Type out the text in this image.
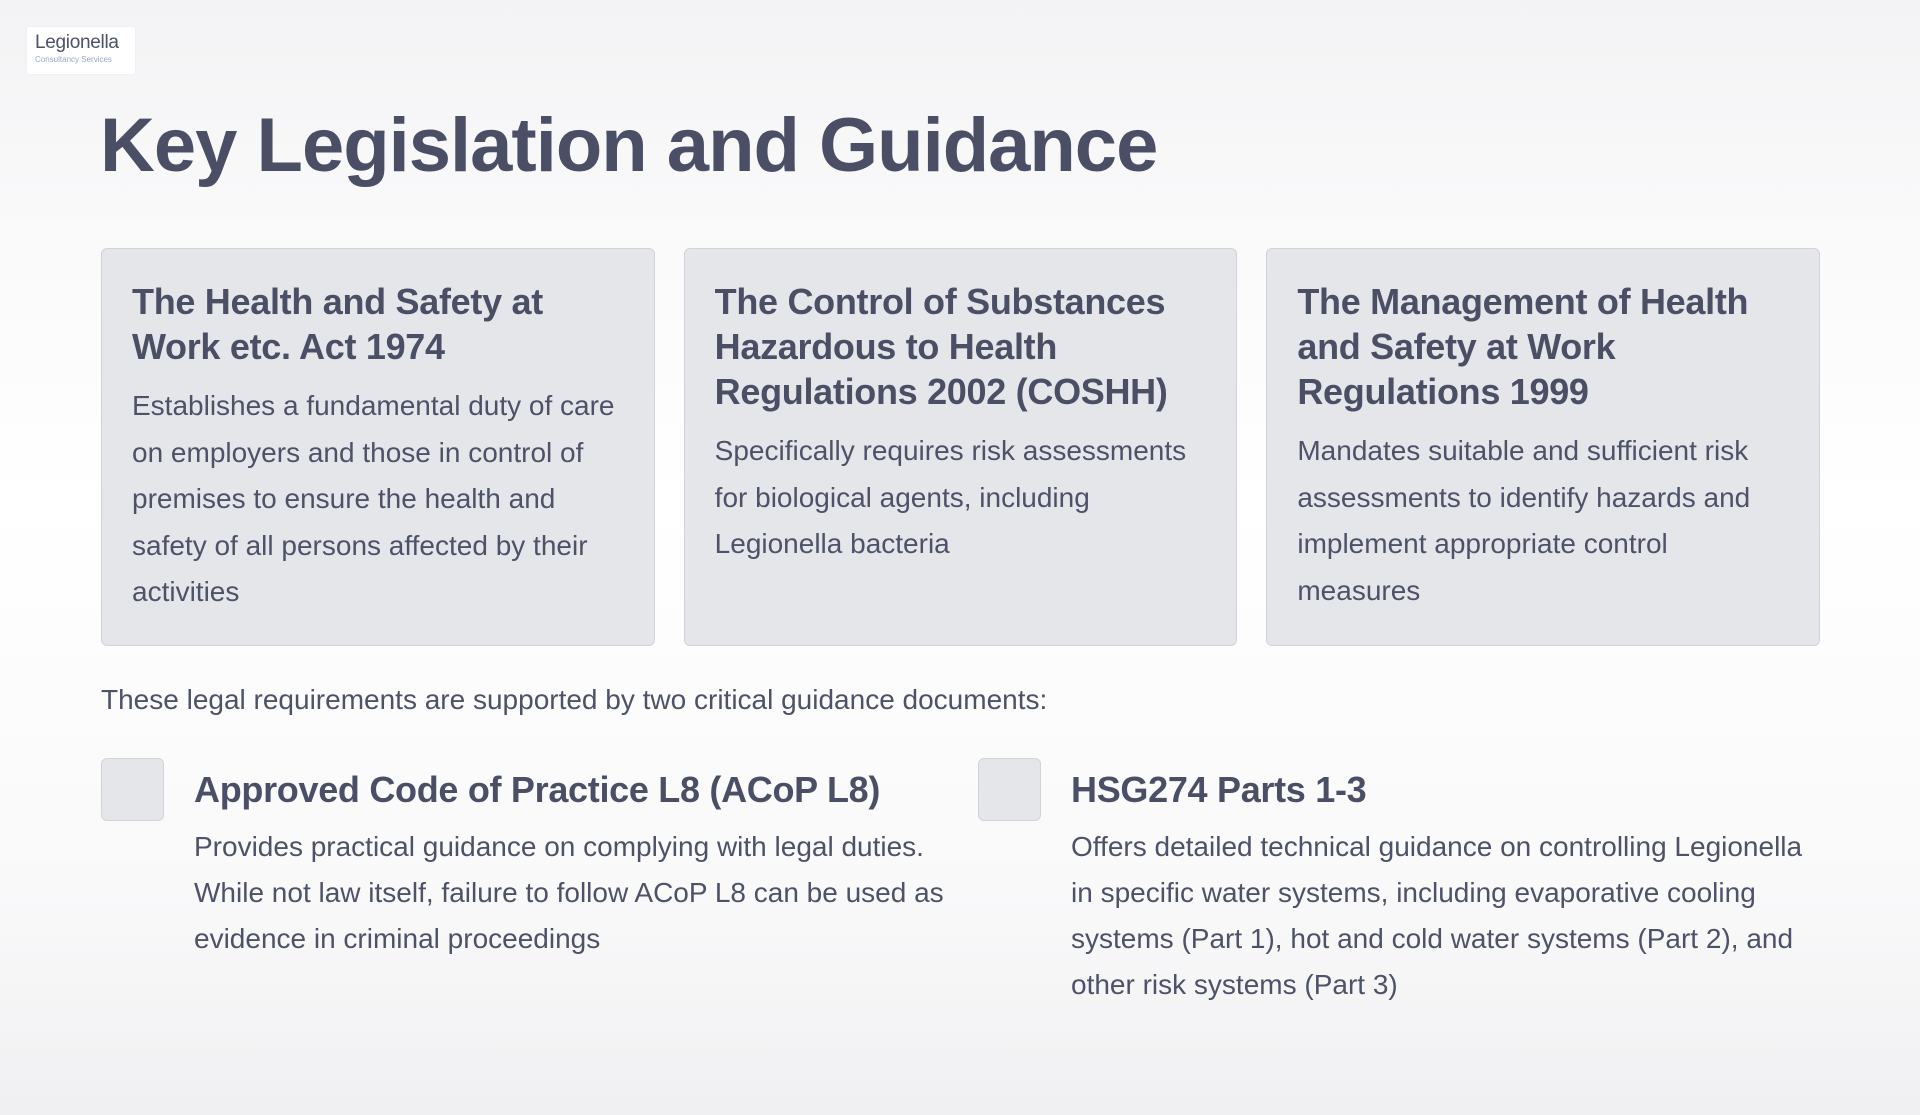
Legionella
Consultancy Services
Key Legislation and Guidance
The Health and Safety at Work etc. Act 1974

Establishes a fundamental duty of care on employers and those in control of premises to ensure the health and safety of all persons affected by their activities

The Control of Substances Hazardous to Health Regulations 2002 (COSHH)

Specifically requires risk assessments for biological agents, including Legionella bacteria

The Management of Health and Safety at Work Regulations 1999

Mandates suitable and sufficient risk assessments to identify hazards and implement appropriate control measures

These legal requirements are supported by two critical guidance documents:

Approved Code of Practice L8 (ACoP L8)

Provides practical guidance on complying with legal duties. While not law itself, failure to follow ACoP L8 can be used as evidence in criminal proceedings

HSG274 Parts 1-3

Offers detailed technical guidance on controlling Legionella in specific water systems, including evaporative cooling systems (Part 1), hot and cold water systems (Part 2), and other risk systems (Part 3)
